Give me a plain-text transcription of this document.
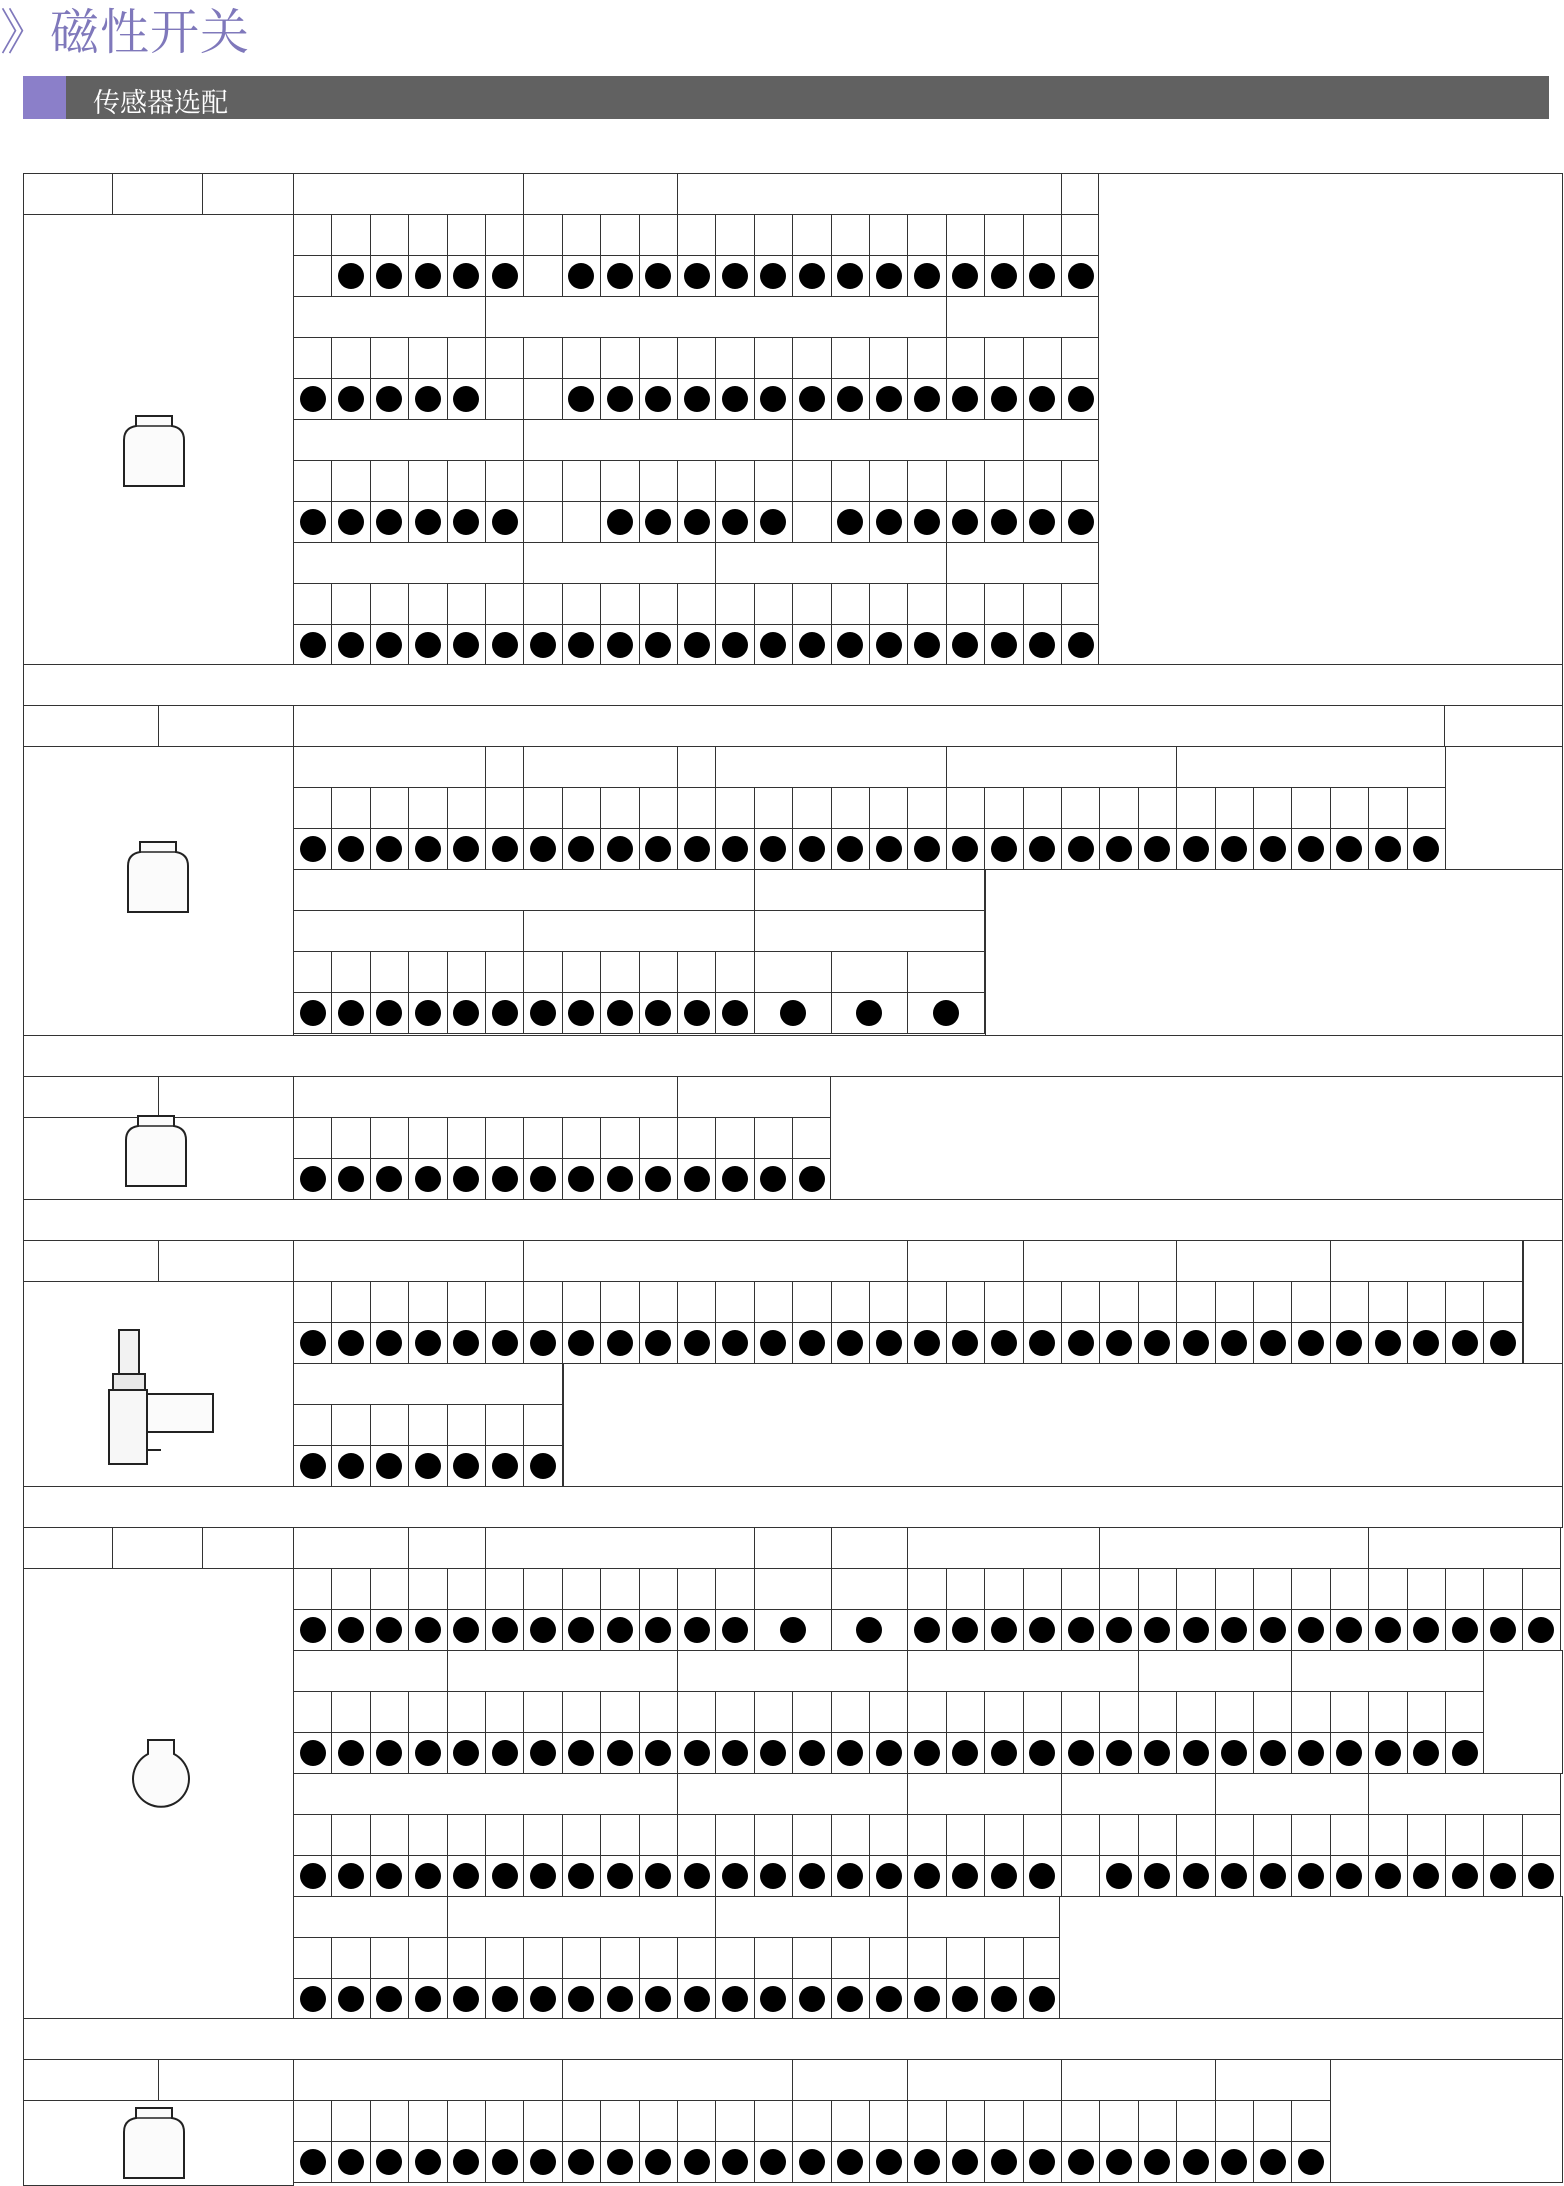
》磁性开关
传感器选配
